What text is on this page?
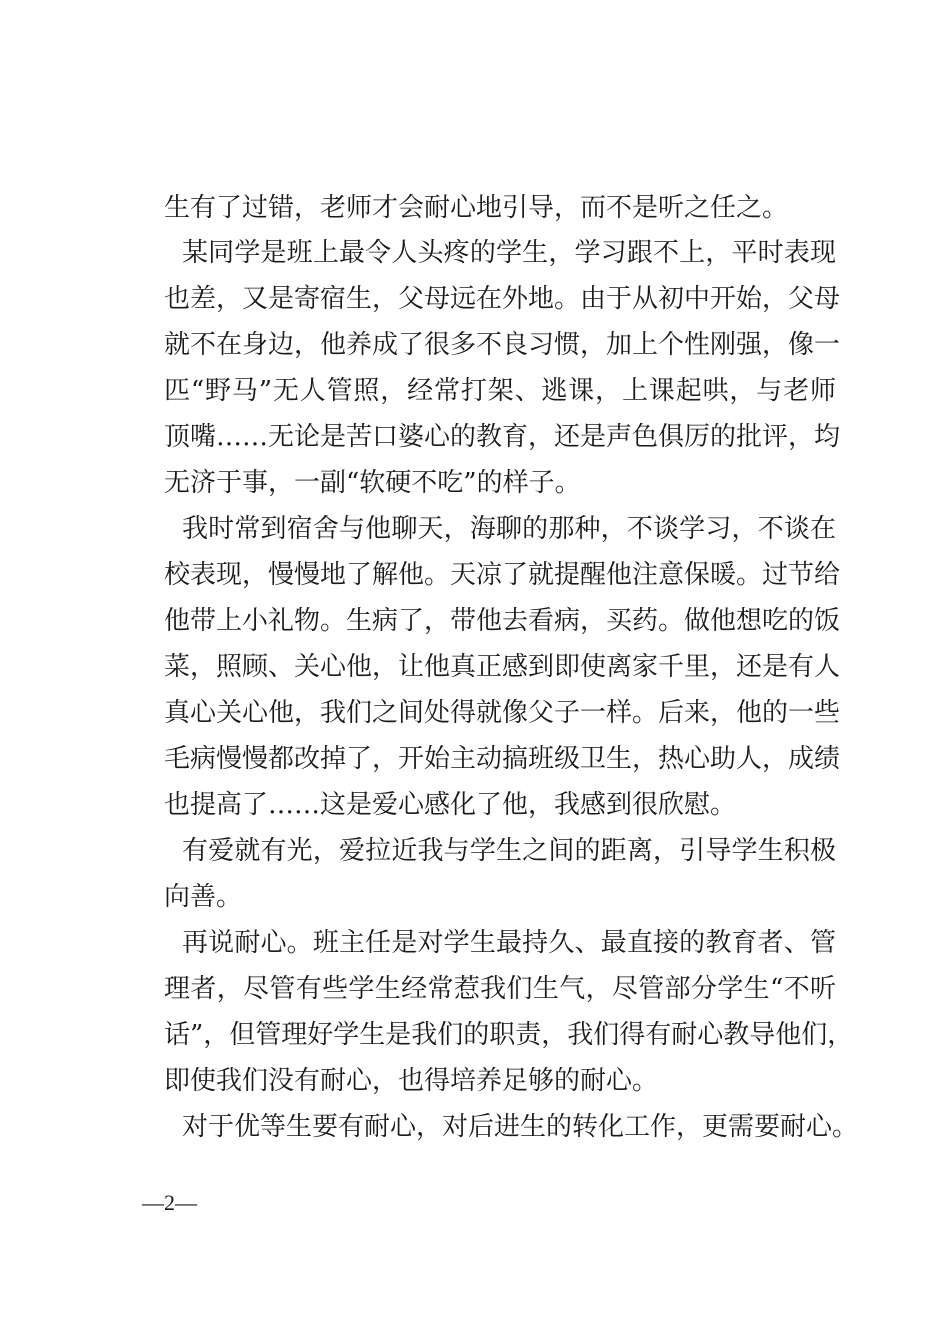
生有了过错，老师才会耐心地引导，而不是听之任之。
某同学是班上最令人头疼的学生，学习跟不上，平时表现
也差，又是寄宿生，父母远在外地。由于从初中开始，父母
就不在身边，他养成了很多不良习惯，加上个性刚强，像一
匹“野马”无人管照，经常打架、逃课，上课起哄，与老师
顶嘴……无论是苦口婆心的教育，还是声色俱厉的批评，均
无济于事，一副“软硬不吃”的样子。
我时常到宿舍与他聊天，海聊的那种，不谈学习，不谈在
校表现，慢慢地了解他。天凉了就提醒他注意保暖。过节给
他带上小礼物。生病了，带他去看病，买药。做他想吃的饭
菜，照顾、关心他，让他真正感到即使离家千里，还是有人
真心关心他，我们之间处得就像父子一样。后来，他的一些
毛病慢慢都改掉了，开始主动搞班级卫生，热心助人，成绩
也提高了……这是爱心感化了他，我感到很欣慰。
有爱就有光，爱拉近我与学生之间的距离，引导学生积极
向善。
再说耐心。班主任是对学生最持久、最直接的教育者、管
理者，尽管有些学生经常惹我们生气，尽管部分学生“不听
话”，但管理好学生是我们的职责，我们得有耐心教导他们，
即使我们没有耐心，也得培养足够的耐心。
对于优等生要有耐心，对后进生的转化工作，更需要耐心。
—2—
